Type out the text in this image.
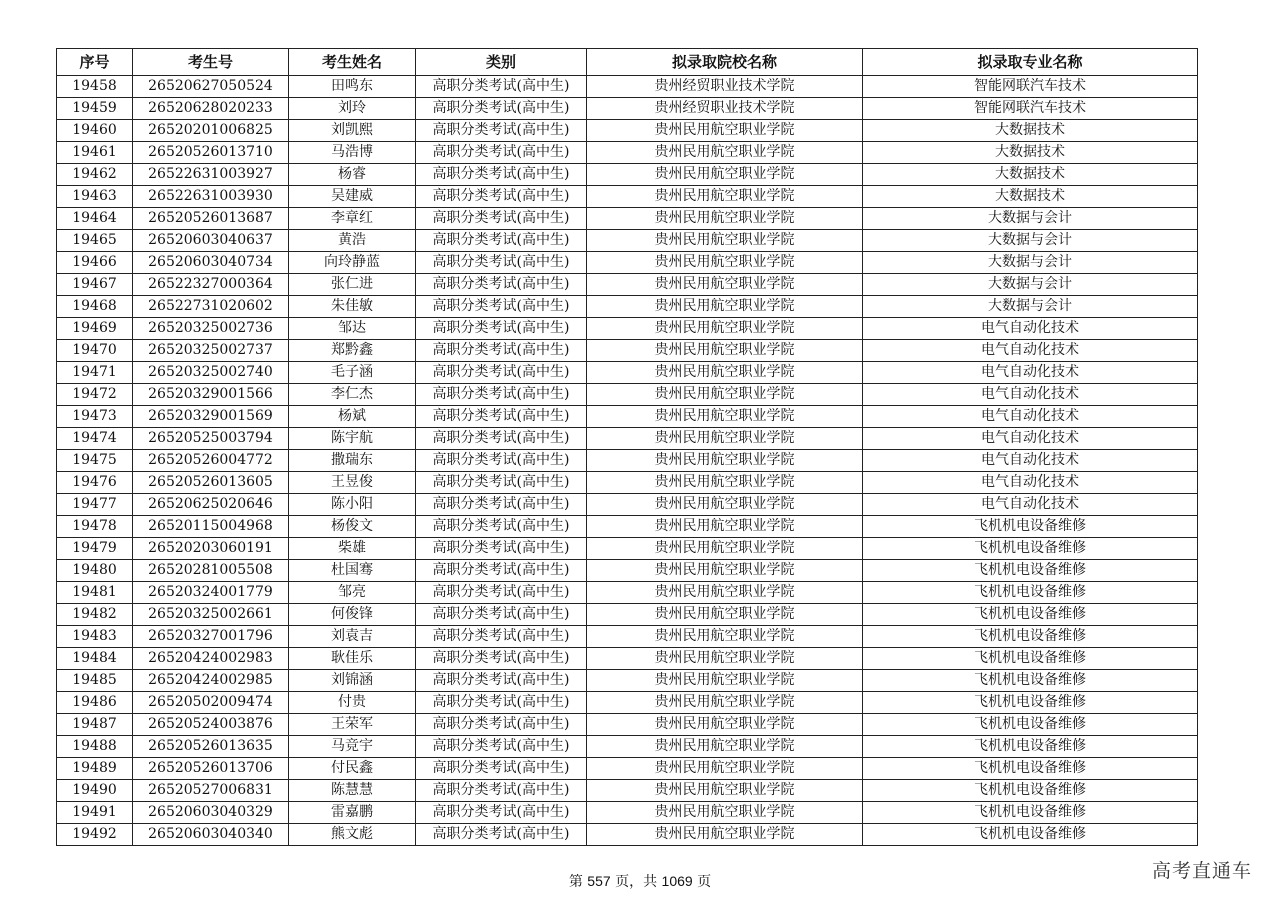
序号	考生号	考生姓名	类别	拟录取院校名称	拟录取专业名称
19458	26520627050524	田鸣东	高职分类考试(高中生)	贵州经贸职业技术学院	智能网联汽车技术
19459	26520628020233	刘玲	高职分类考试(高中生)	贵州经贸职业技术学院	智能网联汽车技术
19460	26520201006825	刘凯熙	高职分类考试(高中生)	贵州民用航空职业学院	大数据技术
19461	26520526013710	马浩博	高职分类考试(高中生)	贵州民用航空职业学院	大数据技术
19462	26522631003927	杨睿	高职分类考试(高中生)	贵州民用航空职业学院	大数据技术
19463	26522631003930	吴建威	高职分类考试(高中生)	贵州民用航空职业学院	大数据技术
19464	26520526013687	李章红	高职分类考试(高中生)	贵州民用航空职业学院	大数据与会计
19465	26520603040637	黄浩	高职分类考试(高中生)	贵州民用航空职业学院	大数据与会计
19466	26520603040734	向玲静蓝	高职分类考试(高中生)	贵州民用航空职业学院	大数据与会计
19467	26522327000364	张仁进	高职分类考试(高中生)	贵州民用航空职业学院	大数据与会计
19468	26522731020602	朱佳敏	高职分类考试(高中生)	贵州民用航空职业学院	大数据与会计
19469	26520325002736	邹达	高职分类考试(高中生)	贵州民用航空职业学院	电气自动化技术
19470	26520325002737	郑黔鑫	高职分类考试(高中生)	贵州民用航空职业学院	电气自动化技术
19471	26520325002740	毛子涵	高职分类考试(高中生)	贵州民用航空职业学院	电气自动化技术
19472	26520329001566	李仁杰	高职分类考试(高中生)	贵州民用航空职业学院	电气自动化技术
19473	26520329001569	杨斌	高职分类考试(高中生)	贵州民用航空职业学院	电气自动化技术
19474	26520525003794	陈宇航	高职分类考试(高中生)	贵州民用航空职业学院	电气自动化技术
19475	26520526004772	撒瑞东	高职分类考试(高中生)	贵州民用航空职业学院	电气自动化技术
19476	26520526013605	王昱俊	高职分类考试(高中生)	贵州民用航空职业学院	电气自动化技术
19477	26520625020646	陈小阳	高职分类考试(高中生)	贵州民用航空职业学院	电气自动化技术
19478	26520115004968	杨俊文	高职分类考试(高中生)	贵州民用航空职业学院	飞机机电设备维修
19479	26520203060191	柴雄	高职分类考试(高中生)	贵州民用航空职业学院	飞机机电设备维修
19480	26520281005508	杜国骞	高职分类考试(高中生)	贵州民用航空职业学院	飞机机电设备维修
19481	26520324001779	邹亮	高职分类考试(高中生)	贵州民用航空职业学院	飞机机电设备维修
19482	26520325002661	何俊锋	高职分类考试(高中生)	贵州民用航空职业学院	飞机机电设备维修
19483	26520327001796	刘袁吉	高职分类考试(高中生)	贵州民用航空职业学院	飞机机电设备维修
19484	26520424002983	耿佳乐	高职分类考试(高中生)	贵州民用航空职业学院	飞机机电设备维修
19485	26520424002985	刘锦涵	高职分类考试(高中生)	贵州民用航空职业学院	飞机机电设备维修
19486	26520502009474	付贵	高职分类考试(高中生)	贵州民用航空职业学院	飞机机电设备维修
19487	26520524003876	王荣军	高职分类考试(高中生)	贵州民用航空职业学院	飞机机电设备维修
19488	26520526013635	马竞宇	高职分类考试(高中生)	贵州民用航空职业学院	飞机机电设备维修
19489	26520526013706	付民鑫	高职分类考试(高中生)	贵州民用航空职业学院	飞机机电设备维修
19490	26520527006831	陈慧慧	高职分类考试(高中生)	贵州民用航空职业学院	飞机机电设备维修
19491	26520603040329	雷嘉鹏	高职分类考试(高中生)	贵州民用航空职业学院	飞机机电设备维修
19492	26520603040340	熊文彪	高职分类考试(高中生)	贵州民用航空职业学院	飞机机电设备维修
第 557 页，共 1069 页	高考直通车
